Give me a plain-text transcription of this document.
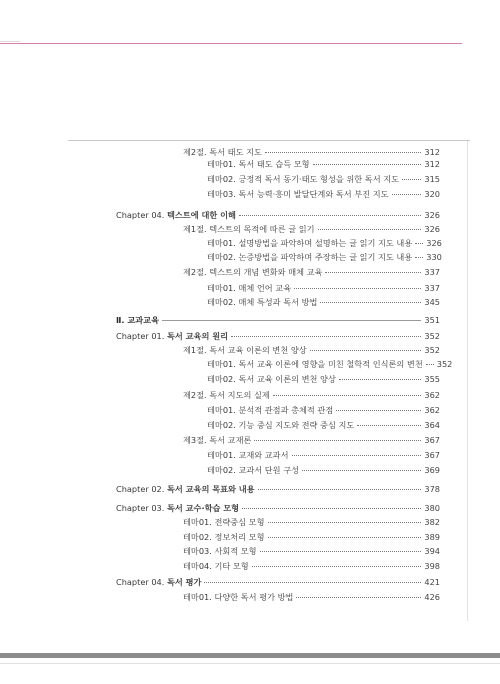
제2절. 독서 태도 지도	312
테마01. 독서 태도 습득 모형	312
테마02. 긍정적 독서 동기·태도 형성을 위한 독서 지도	315
테마03. 독서 능력·흥미 발달단계와 독서 부진 지도	320
Chapter 04. 텍스트에 대한 이해	326
제1절. 텍스트의 목적에 따른 글 읽기	326
테마01. 설명방법을 파악하며 설명하는 글 읽기 지도 내용 326
테마02. 논증방법을 파악하며 주장하는 글 읽기 지도 내용 330
제2절. 텍스트의 개념 변화와 매체 교육	337
테마01. 매체 언어 교육	337
테마02. 매체 특성과 독서 방법	345
Ⅱ. 교과교육	351
Chapter 01. 독서 교육의 원리	352
제1절. 독서 교육 이론의 변천 양상	352
테마01. 독서 교육 이론에 영향을 미친 철학적 인식론의 변천 352
테마02. 독서 교육 이론의 변천 양상	355
제2절. 독서 지도의 실제	362
테마01. 분석적 관점과 총체적 관점	362
테마02. 기능 중심 지도와 전략 중심 지도	364
제3절. 독서 교재론	367
테마01. 교재와 교과서	367
테마02. 교과서 단원 구성	369
Chapter 02. 독서 교육의 목표와 내용	378
Chapter 03. 독서 교수·학습 모형	380
테마01. 전략중심 모형	382
테마02. 정보처리 모형	389
테마03. 사회적 모형	394
테마04. 기타 모형	398
Chapter 04. 독서 평가	421
테마01. 다양한 독서 평가 방법	426
